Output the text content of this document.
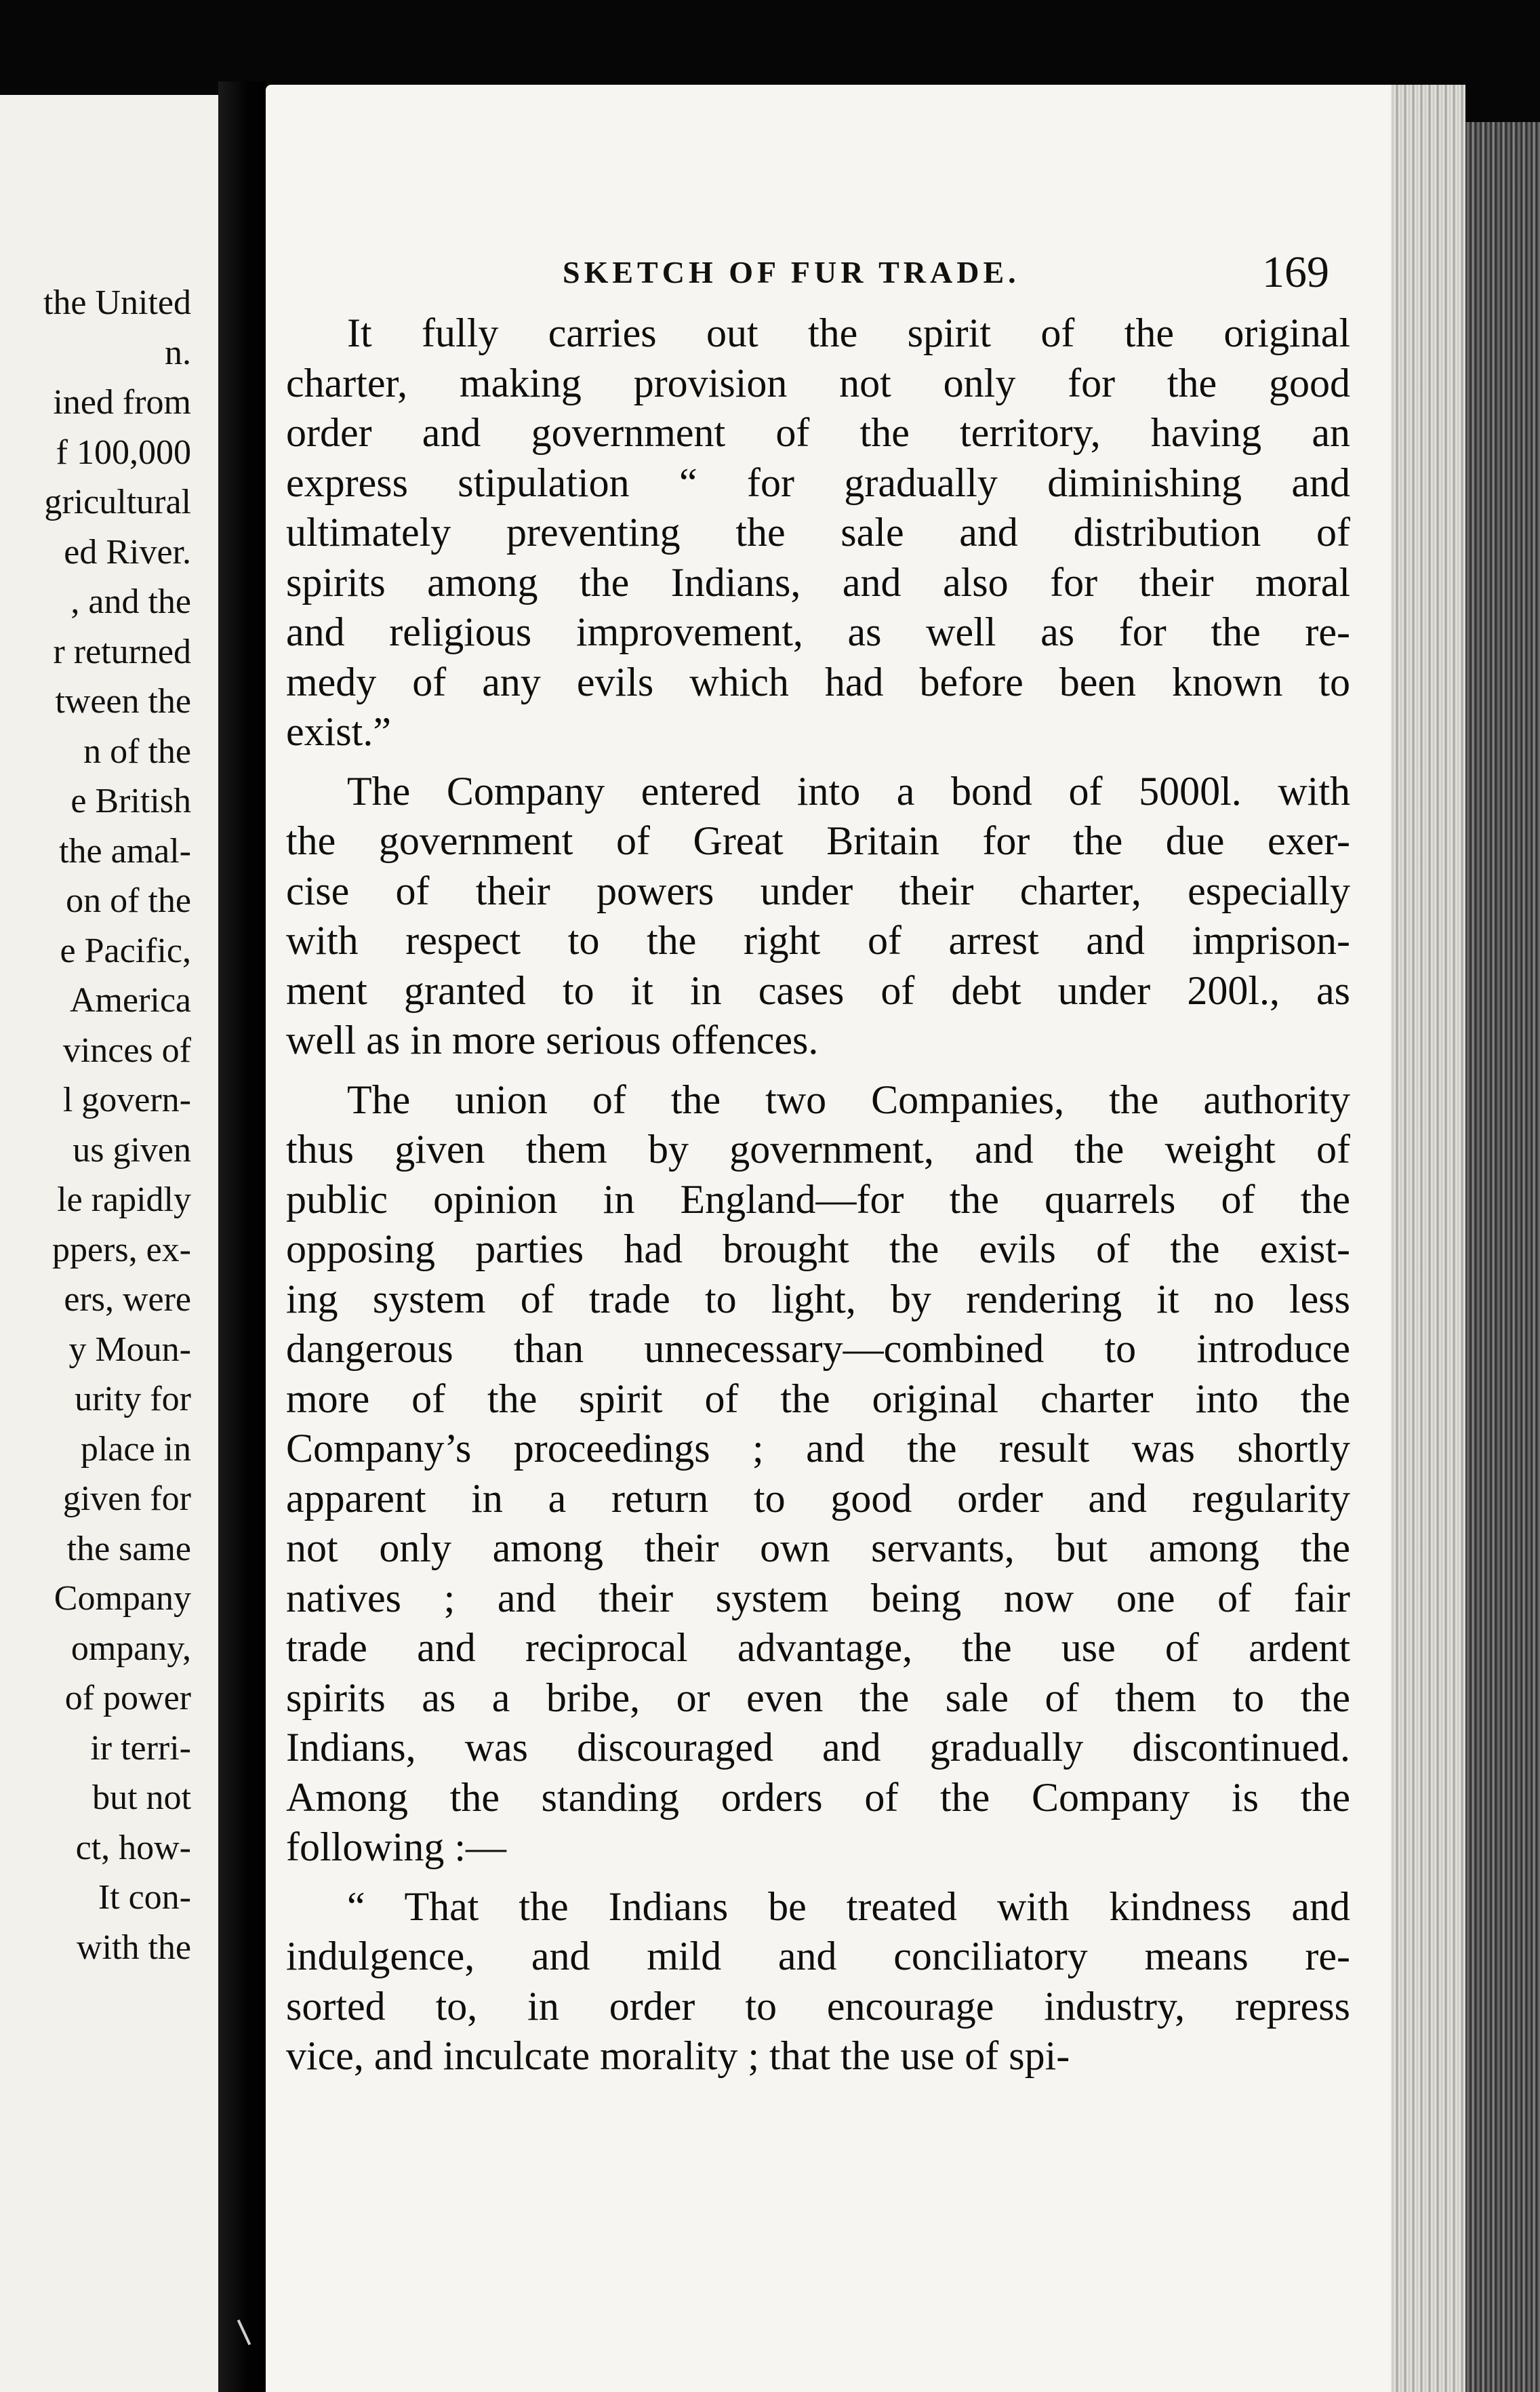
the United
n.
ined from
f 100,000
gricultural
ed River.
, and the
r returned
tween the
n of the
e British
the amal-
on of the
e Pacific,
America
vinces of
l govern-
us given
le rapidly
ppers, ex-
ers, were
y Moun-
urity for
place in
given for
the same
Company
ompany,
of power
ir terri-
but not
ct, how-
It con-
with the
SKETCH OF FUR TRADE.	169
It fully carries out the spirit of the original
charter, making provision not only for the good
order and government of the territory, having an
express stipulation “ for gradually diminishing and
ultimately preventing the sale and distribution of
spirits among the Indians, and also for their moral
and religious improvement, as well as for the re-
medy of any evils which had before been known to
exist.”
The Company entered into a bond of 5000l. with
the government of Great Britain for the due exer-
cise of their powers under their charter, especially
with respect to the right of arrest and imprison-
ment granted to it in cases of debt under 200l., as
well as in more serious offences.
The union of the two Companies, the authority
thus given them by government, and the weight of
public opinion in England—for the quarrels of the
opposing parties had brought the evils of the exist-
ing system of trade to light, by rendering it no less
dangerous than unnecessary—combined to introduce
more of the spirit of the original charter into the
Company’s proceedings ; and the result was shortly
apparent in a return to good order and regularity
not only among their own servants, but among the
natives ; and their system being now one of fair
trade and reciprocal advantage, the use of ardent
spirits as a bribe, or even the sale of them to the
Indians, was discouraged and gradually discontinued.
Among the standing orders of the Company is the
following :—
“ That the Indians be treated with kindness and
indulgence, and mild and conciliatory means re-
sorted to, in order to encourage industry, repress
vice, and inculcate morality ; that the use of spi-
